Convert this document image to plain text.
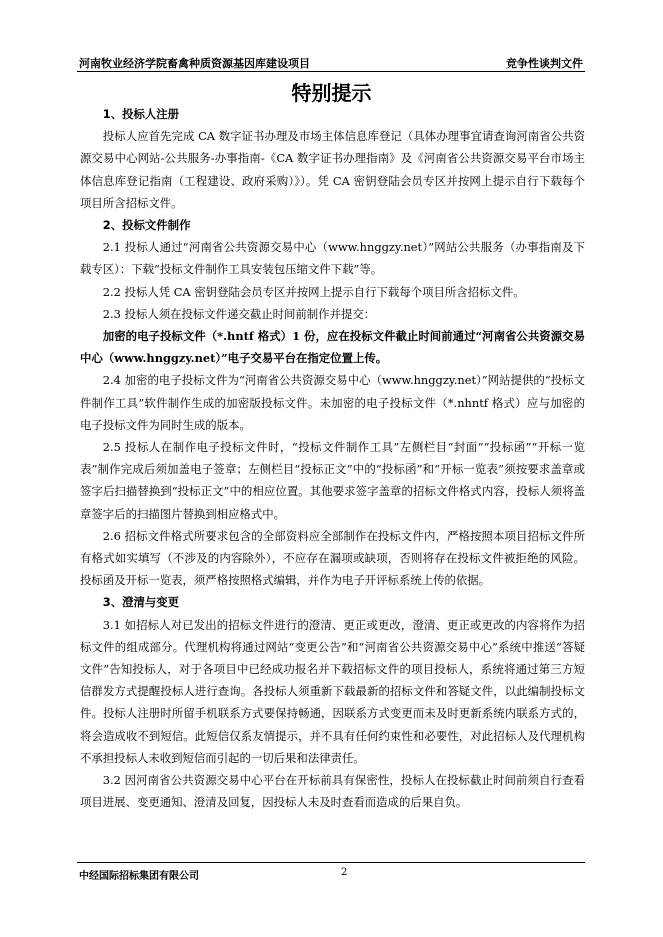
河南牧业经济学院畜禽种质资源基因库建设项目	竞争性谈判文件
特别提示
1、投标人注册

投标人应首先完成 CA 数字证书办理及市场主体信息库登记（具体办理事宜请查询河南省公共资源交易中心网站-公共服务-办事指南-《CA 数字证书办理指南》及《河南省公共资源交易平台市场主体信息库登记指南（工程建设、政府采购）》）。凭 CA 密钥登陆会员专区并按网上提示自行下载每个项目所含招标文件。

2、投标文件制作

2.1 投标人通过“河南省公共资源交易中心（www.hnggzy.net）”网站公共服务（办事指南及下载专区）：下载“投标文件制作工具安装包压缩文件下载”等。

2.2 投标人凭 CA 密钥登陆会员专区并按网上提示自行下载每个项目所含招标文件。

2.3 投标人须在投标文件递交截止时间前制作并提交：

加密的电子投标文件（*.hntf 格式）1 份，应在投标文件截止时间前通过“河南省公共资源交易中心（www.hnggzy.net）”电子交易平台在指定位置上传。

2.4 加密的电子投标文件为“河南省公共资源交易中心（www.hnggzy.net）”网站提供的“投标文件制作工具”软件制作生成的加密版投标文件。未加密的电子投标文件（*.nhntf 格式）应与加密的电子投标文件为同时生成的版本。

2.5 投标人在制作电子投标文件时，“投标文件制作工具”左侧栏目“封面”“投标函”“开标一览表”制作完成后须加盖电子签章；左侧栏目“投标正文”中的“投标函”和“开标一览表”须按要求盖章或签字后扫描替换到“投标正文”中的相应位置。其他要求签字盖章的招标文件格式内容，投标人须将盖章签字后的扫描图片替换到相应格式中。

2.6 招标文件格式所要求包含的全部资料应全部制作在投标文件内，严格按照本项目招标文件所有格式如实填写（不涉及的内容除外），不应存在漏项或缺项，否则将存在投标文件被拒绝的风险。投标函及开标一览表，须严格按照格式编辑，并作为电子开评标系统上传的依据。

3、澄清与变更

3.1 如招标人对已发出的招标文件进行的澄清、更正或更改，澄清、更正或更改的内容将作为招标文件的组成部分。代理机构将通过网站“变更公告”和“河南省公共资源交易中心”系统中推送“答疑文件”告知投标人，对于各项目中已经成功报名并下载招标文件的项目投标人，系统将通过第三方短信群发方式提醒投标人进行查询。各投标人须重新下载最新的招标文件和答疑文件，以此编制投标文件。投标人注册时所留手机联系方式要保持畅通，因联系方式变更而未及时更新系统内联系方式的，将会造成收不到短信。此短信仅系友情提示，并不具有任何约束性和必要性，对此招标人及代理机构不承担投标人未收到短信而引起的一切后果和法律责任。

3.2 因河南省公共资源交易中心平台在开标前具有保密性，投标人在投标截止时间前须自行查看项目进展、变更通知、澄清及回复，因投标人未及时查看而造成的后果自负。

中经国际招标集团有限公司	2
